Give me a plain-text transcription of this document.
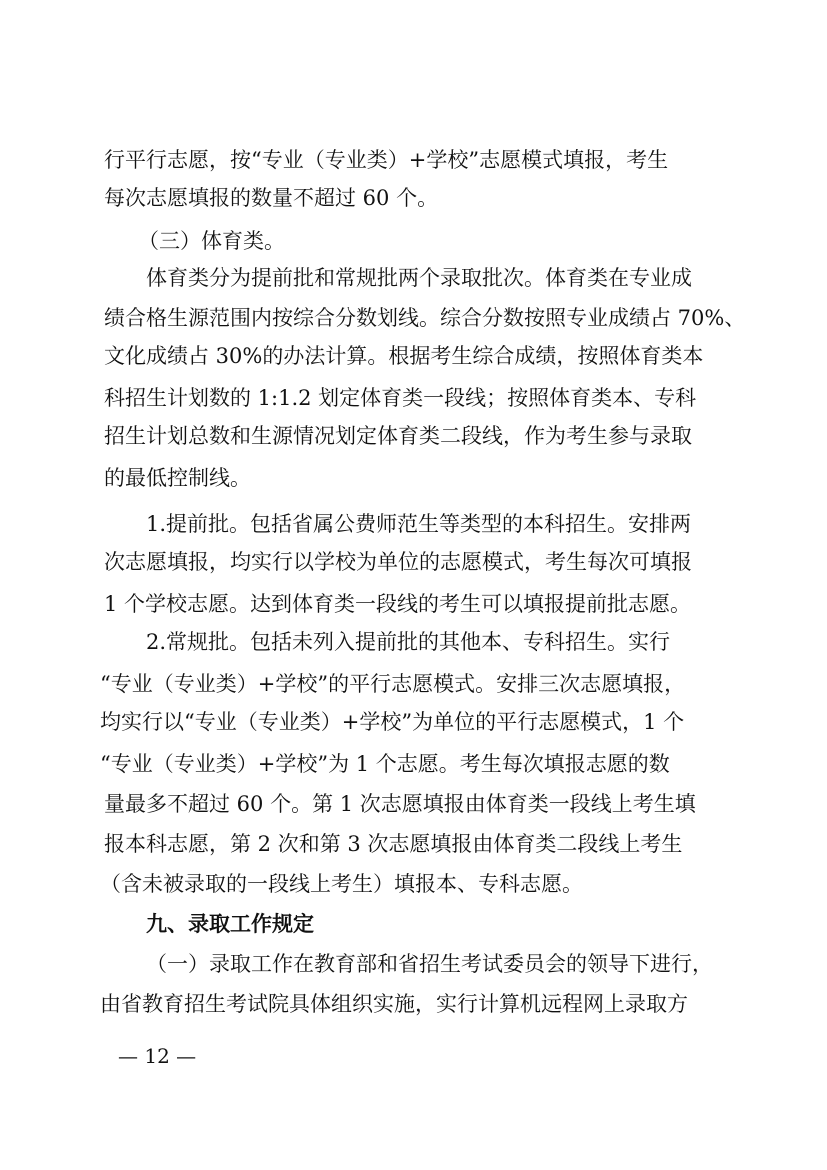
行平行志愿，按“专业（专业类）+学校”志愿模式填报，考生
每次志愿填报的数量不超过 60 个。
（三）体育类。
体育类分为提前批和常规批两个录取批次。体育类在专业成
绩合格生源范围内按综合分数划线。综合分数按照专业成绩占 70%、
文化成绩占 30%的办法计算。根据考生综合成绩，按照体育类本
科招生计划数的 1:1.2 划定体育类一段线；按照体育类本、专科
招生计划总数和生源情况划定体育类二段线，作为考生参与录取
的最低控制线。
1.提前批。包括省属公费师范生等类型的本科招生。安排两
次志愿填报，均实行以学校为单位的志愿模式，考生每次可填报
1 个学校志愿。达到体育类一段线的考生可以填报提前批志愿。
2.常规批。包括未列入提前批的其他本、专科招生。实行
“专业（专业类）+学校”的平行志愿模式。安排三次志愿填报，
均实行以“专业（专业类）+学校”为单位的平行志愿模式，1 个
“专业（专业类）+学校”为 1 个志愿。考生每次填报志愿的数
量最多不超过 60 个。第 1 次志愿填报由体育类一段线上考生填
报本科志愿，第 2 次和第 3 次志愿填报由体育类二段线上考生
（含未被录取的一段线上考生）填报本、专科志愿。
九、录取工作规定
（一）录取工作在教育部和省招生考试委员会的领导下进行，
由省教育招生考试院具体组织实施，实行计算机远程网上录取方
— 12 —
